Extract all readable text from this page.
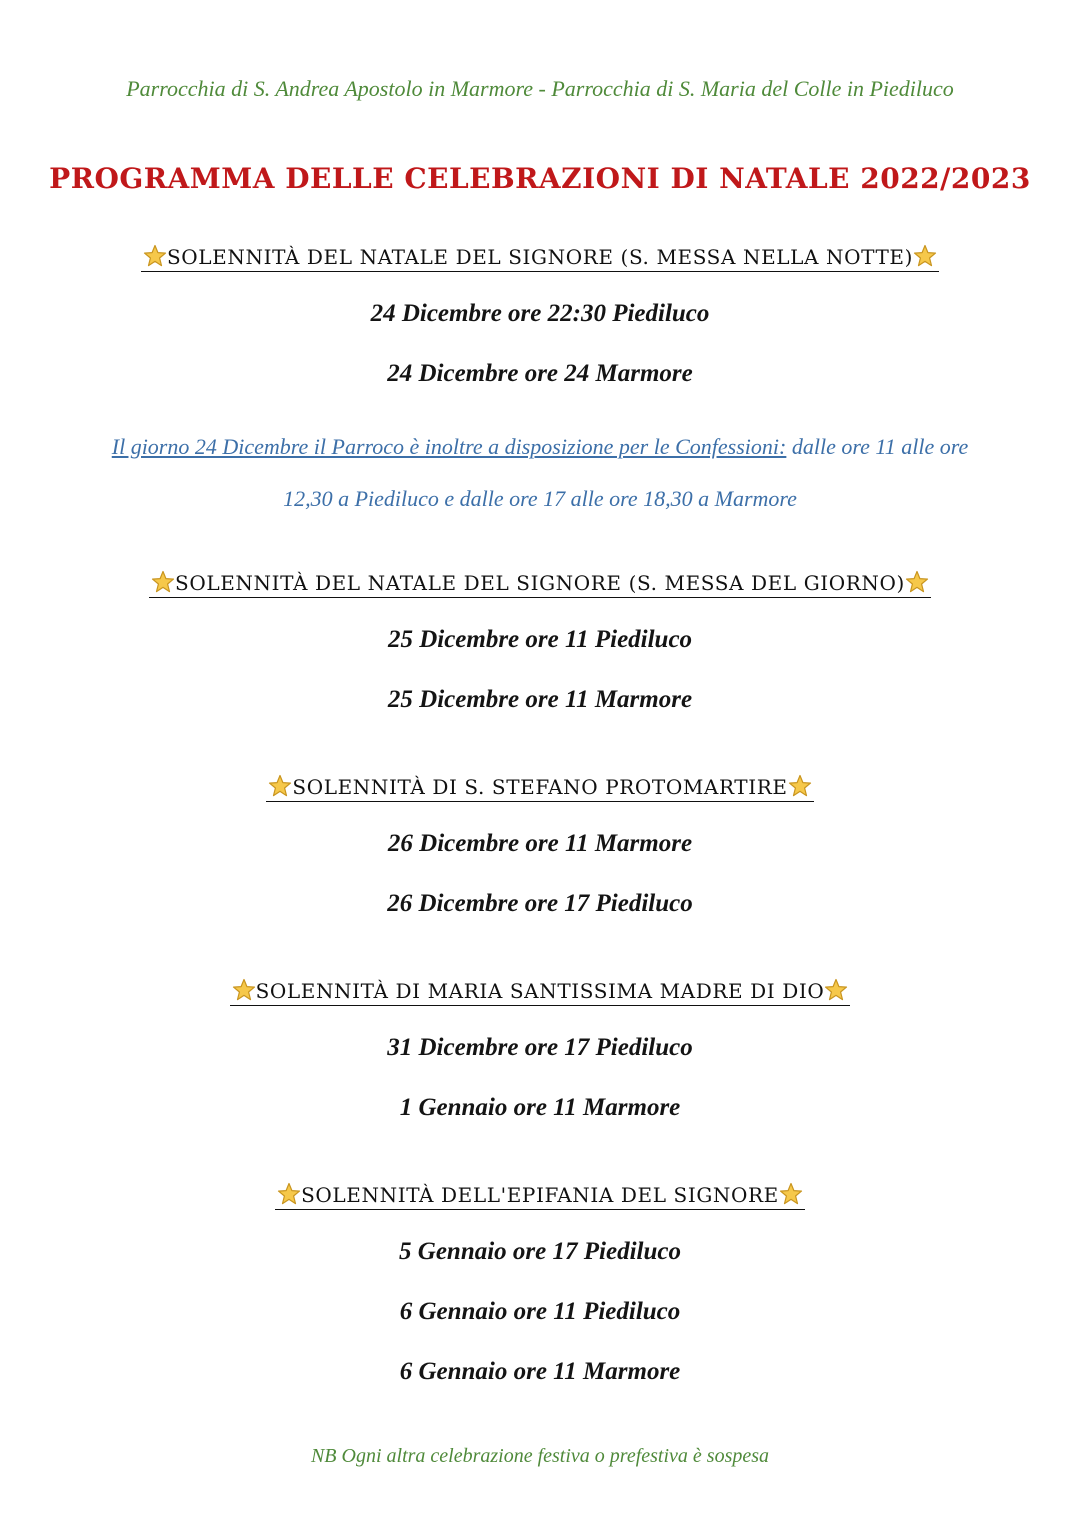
Parrocchia di S. Andrea Apostolo in Marmore - Parrocchia di S. Maria del Colle in Piediluco
PROGRAMMA DELLE CELEBRAZIONI DI NATALE 2022/2023
SOLENNITÀ DEL NATALE DEL SIGNORE (S. MESSA NELLA NOTTE)
24 Dicembre ore 22:30 Piediluco
24 Dicembre ore 24 Marmore
Il giorno 24 Dicembre il Parroco è inoltre a disposizione per le Confessioni: dalle ore 11 alle ore
12,30 a Piediluco e dalle ore 17 alle ore 18,30 a Marmore
SOLENNITÀ DEL NATALE DEL SIGNORE (S. MESSA DEL GIORNO)
25 Dicembre ore 11 Piediluco
25 Dicembre ore 11 Marmore
SOLENNITÀ DI S. STEFANO PROTOMARTIRE
26 Dicembre ore 11 Marmore
26 Dicembre ore 17 Piediluco
SOLENNITÀ DI MARIA SANTISSIMA MADRE DI DIO
31 Dicembre ore 17 Piediluco
1 Gennaio ore 11 Marmore
SOLENNITÀ DELL'EPIFANIA DEL SIGNORE
5 Gennaio ore 17 Piediluco
6 Gennaio ore 11 Piediluco
6 Gennaio ore 11 Marmore
NB Ogni altra celebrazione festiva o prefestiva è sospesa
